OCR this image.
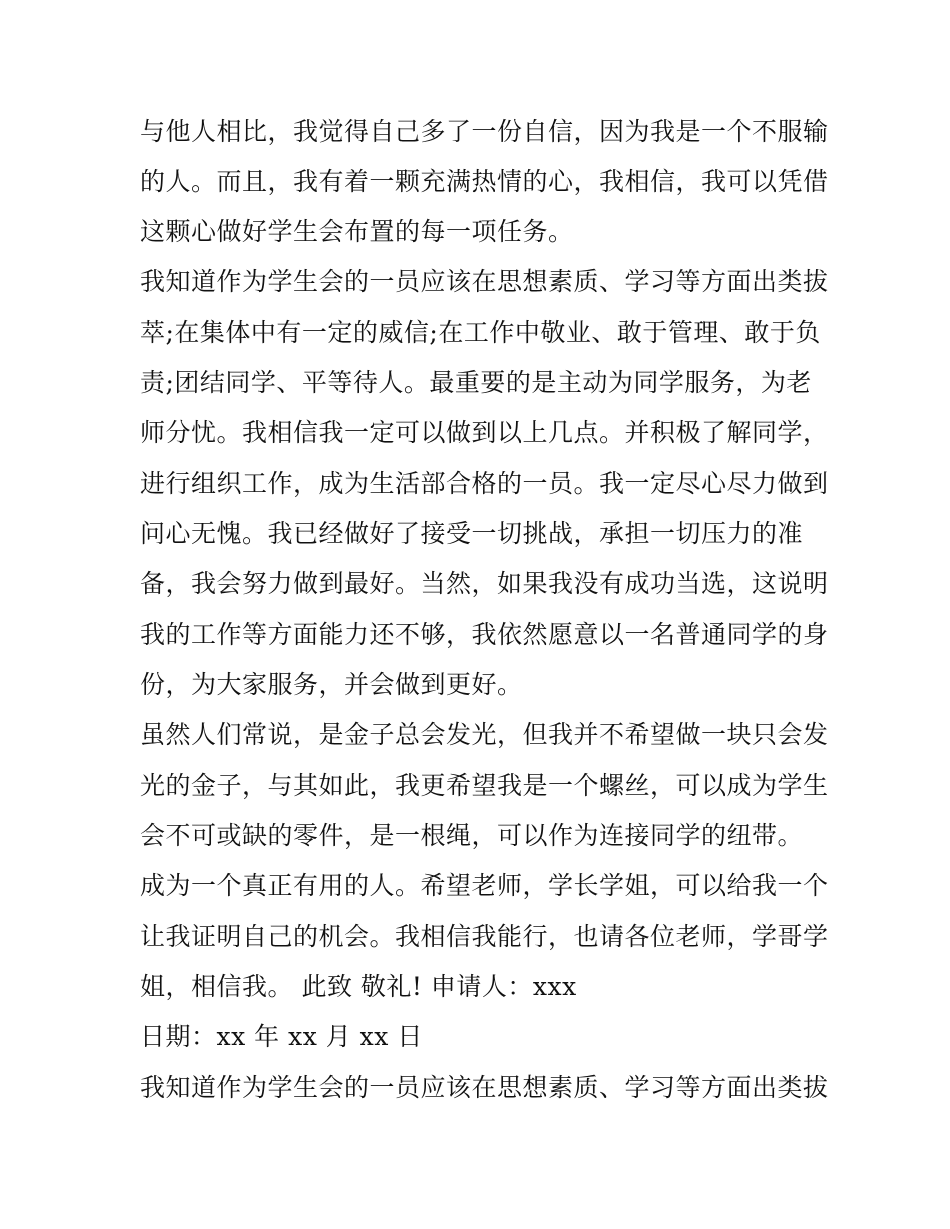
与他人相比，我觉得自己多了一份自信，因为我是一个不服输
的人。而且，我有着一颗充满热情的心，我相信，我可以凭借
这颗心做好学生会布置的每一项任务。
我知道作为学生会的一员应该在思想素质、学习等方面出类拔
萃;在集体中有一定的威信;在工作中敬业、敢于管理、敢于负
责;团结同学、平等待人。最重要的是主动为同学服务，为老
师分忧。我相信我一定可以做到以上几点。并积极了解同学，
进行组织工作，成为生活部合格的一员。我一定尽心尽力做到
问心无愧。我已经做好了接受一切挑战，承担一切压力的准
备，我会努力做到最好。当然，如果我没有成功当选，这说明
我的工作等方面能力还不够，我依然愿意以一名普通同学的身
份，为大家服务，并会做到更好。
虽然人们常说，是金子总会发光，但我并不希望做一块只会发
光的金子，与其如此，我更希望我是一个螺丝，可以成为学生
会不可或缺的零件，是一根绳，可以作为连接同学的纽带。
成为一个真正有用的人。希望老师，学长学姐，可以给我一个
让我证明自己的机会。我相信我能行，也请各位老师，学哥学
姐，相信我。 此致 敬礼! 申请人：xxx
日期：xx 年 xx 月 xx 日
我知道作为学生会的一员应该在思想素质、学习等方面出类拔
